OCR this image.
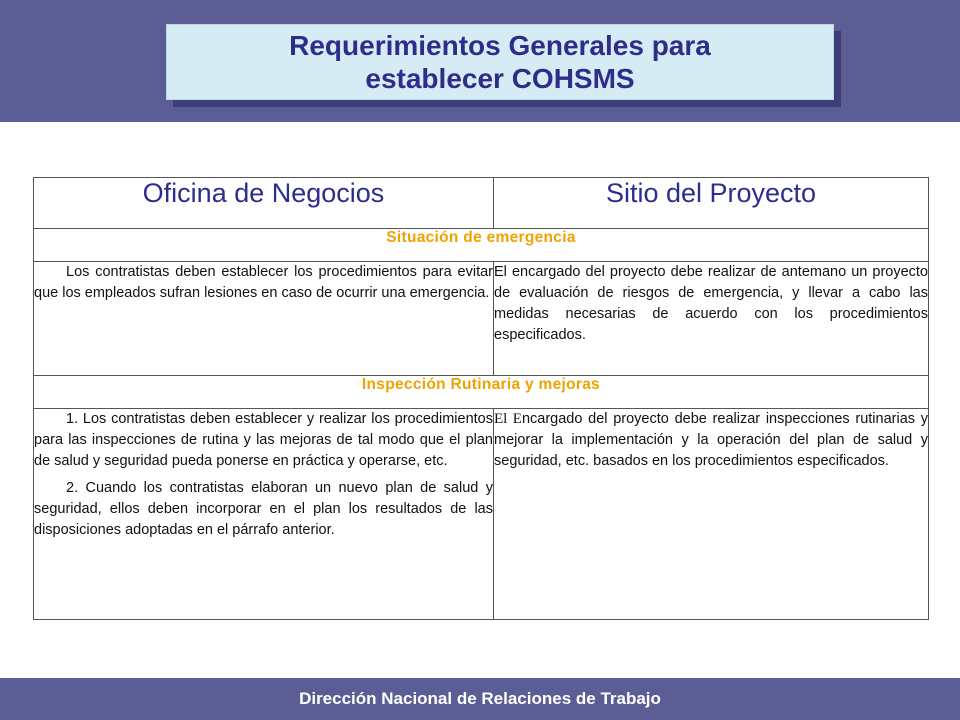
Requerimientos Generales para
establecer COHSMS
Oficina de Negocios	Sitio del Proyecto
Situación de emergencia	

Los contratistas deben establecer los procedimientos para evitar que los empleados sufran lesiones en caso de ocurrir una emergencia.	El encargado del proyecto debe realizar de antemano un proyecto de evaluación de riesgos de emergencia, y llevar a cabo las medidas necesarias de acuerdo con los procedimientos especificados.

Inspección Rutinaria y mejoras	

1. Los contratistas deben establecer y realizar los procedimientos para las inspecciones de rutina y las mejoras de tal modo que el plan de salud y seguridad pueda ponerse en práctica y operarse, etc.

2. Cuando los contratistas elaboran un nuevo plan de salud y seguridad, ellos deben incorporar en el plan los resultados de las disposiciones adoptadas en el párrafo anterior.	El Encargado del proyecto debe realizar inspecciones rutinarias y mejorar la implementación y la operación del plan de salud y seguridad, etc. basados en los procedimientos especificados.

Dirección Nacional de Relaciones de Trabajo
